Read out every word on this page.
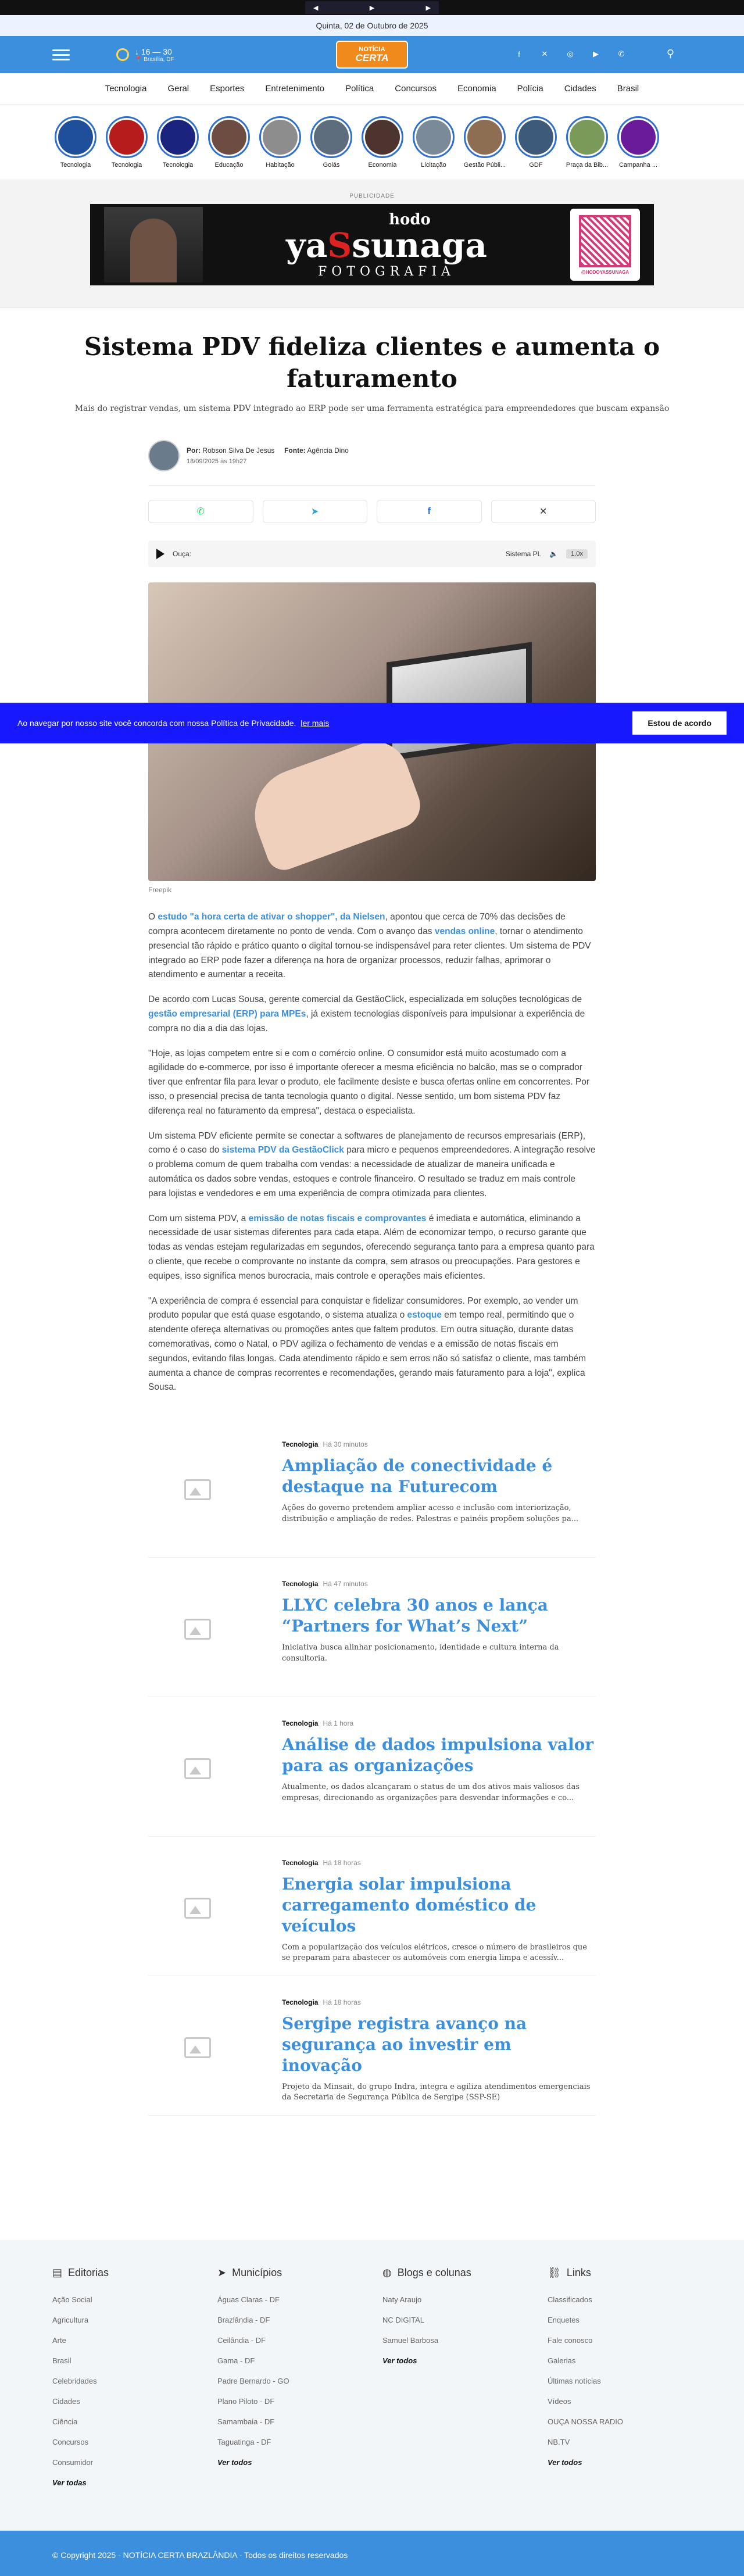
◀	▶	▶
Quinta, 02 de Outubro de 2025
↓ 16 — 30
📍 Brasília, DF
NOTÍCIA
CERTA	f	✕	◎	▶	✆	⚲
Tecnologia Geral Esportes Entretenimento Política Concursos Economia Polícia Cidades Brasil
Tecnologia	Tecnologia	Tecnologia	Educação	Habitação	Goiás	Economia	Licitação	Gestão Públi...	GDF	Praça da Bib... Campanha ...
PUBLICIDADE
hodo
yaSsunaga
FOTOGRAFIA	@HODOYASSUNAGA
Sistema PDV fideliza clientes e aumenta o faturamento

Mais do registrar vendas, um sistema PDV integrado ao ERP pode ser uma ferramenta estratégica para empreendedores que buscam expansão

Por: Robson Silva De Jesus Fonte: Agência Dino
18/09/2025 às 19h27
✆	➤	f	✕
Ouça:	Sistema PL 🔈	1.0x
Freepik

O estudo "a hora certa de ativar o shopper", da Nielsen, apontou que cerca de 70% das decisões de compra acontecem diretamente no ponto de venda. Com o avanço das vendas online, tornar o atendimento presencial tão rápido e prático quanto o digital tornou-se indispensável para reter clientes. Um sistema de PDV integrado ao ERP pode fazer a diferença na hora de organizar processos, reduzir falhas, aprimorar o atendimento e aumentar a receita.

De acordo com Lucas Sousa, gerente comercial da GestãoClick, especializada em soluções tecnológicas de gestão empresarial (ERP) para MPEs, já existem tecnologias disponíveis para impulsionar a experiência de compra no dia a dia das lojas.

"Hoje, as lojas competem entre si e com o comércio online. O consumidor está muito acostumado com a agilidade do e-commerce, por isso é importante oferecer a mesma eficiência no balcão, mas se o comprador tiver que enfrentar fila para levar o produto, ele facilmente desiste e busca ofertas online em concorrentes. Por isso, o presencial precisa de tanta tecnologia quanto o digital. Nesse sentido, um bom sistema PDV faz diferença real no faturamento da empresa", destaca o especialista.

Um sistema PDV eficiente permite se conectar a softwares de planejamento de recursos empresariais (ERP), como é o caso do sistema PDV da GestãoClick para micro e pequenos empreendedores. A integração resolve o problema comum de quem trabalha com vendas: a necessidade de atualizar de maneira unificada e automática os dados sobre vendas, estoques e controle financeiro. O resultado se traduz em mais controle para lojistas e vendedores e em uma experiência de compra otimizada para clientes.

Com um sistema PDV, a emissão de notas fiscais e comprovantes é imediata e automática, eliminando a necessidade de usar sistemas diferentes para cada etapa. Além de economizar tempo, o recurso garante que todas as vendas estejam regularizadas em segundos, oferecendo segurança tanto para a empresa quanto para o cliente, que recebe o comprovante no instante da compra, sem atrasos ou preocupações. Para gestores e equipes, isso significa menos burocracia, mais controle e operações mais eficientes.

"A experiência de compra é essencial para conquistar e fidelizar consumidores. Por exemplo, ao vender um produto popular que está quase esgotando, o sistema atualiza o estoque em tempo real, permitindo que o atendente ofereça alternativas ou promoções antes que faltem produtos. Em outra situação, durante datas comemorativas, como o Natal, o PDV agiliza o fechamento de vendas e a emissão de notas fiscais em segundos, evitando filas longas. Cada atendimento rápido e sem erros não só satisfaz o cliente, mas também aumenta a chance de compras recorrentes e recomendações, gerando mais faturamento para a loja", explica Sousa.

Ao navegar por nosso site você concorda com nossa Política de Privacidade. ler mais	Estou de acordo
Tecnologia Há 30 minutos
Ampliação de conectividade é destaque na Futurecom
Ações do governo pretendem ampliar acesso e inclusão com interiorização, distribuição e ampliação de redes. Palestras e painéis propõem soluções pa...
Tecnologia Há 47 minutos
LLYC celebra 30 anos e lança “Partners for What’s Next”
Iniciativa busca alinhar posicionamento, identidade e cultura interna da consultoria.
Tecnologia Há 1 hora
Análise de dados impulsiona valor para as organizações
Atualmente, os dados alcançaram o status de um dos ativos mais valiosos das empresas, direcionando as organizações para desvendar informações e co...
Tecnologia Há 18 horas
Energia solar impulsiona carregamento doméstico de veículos
Com a popularização dos veículos elétricos, cresce o número de brasileiros que se preparam para abastecer os automóveis com energia limpa e acessív...
Tecnologia Há 18 horas
Sergipe registra avanço na segurança ao investir em inovação
Projeto da Minsait, do grupo Indra, integra e agiliza atendimentos emergenciais da Secretaria de Segurança Pública de Sergipe (SSP-SE)
▤ Editorias
Ação Social
Agricultura
Arte
Brasil
Celebridades
Cidades
Ciência
Concursos
Consumidor
Ver todas
➤ Municípios
Águas Claras - DF
Brazlândia - DF
Ceilândia - DF
Gama - DF
Padre Bernardo - GO
Plano Piloto - DF
Samambaia - DF
Taguatinga - DF
Ver todos
◍ Blogs e colunas
Naty Araujo
NC DIGITAL
Samuel Barbosa
Ver todos
⛓ Links
Classificados
Enquetes
Fale conosco
Galerias
Últimas notícias
Vídeos
OUÇA NOSSA RADIO
NB.TV
Ver todos
© Copyright 2025 - NOTÍCIA CERTA BRAZLÂNDIA - Todos os direitos reservados
